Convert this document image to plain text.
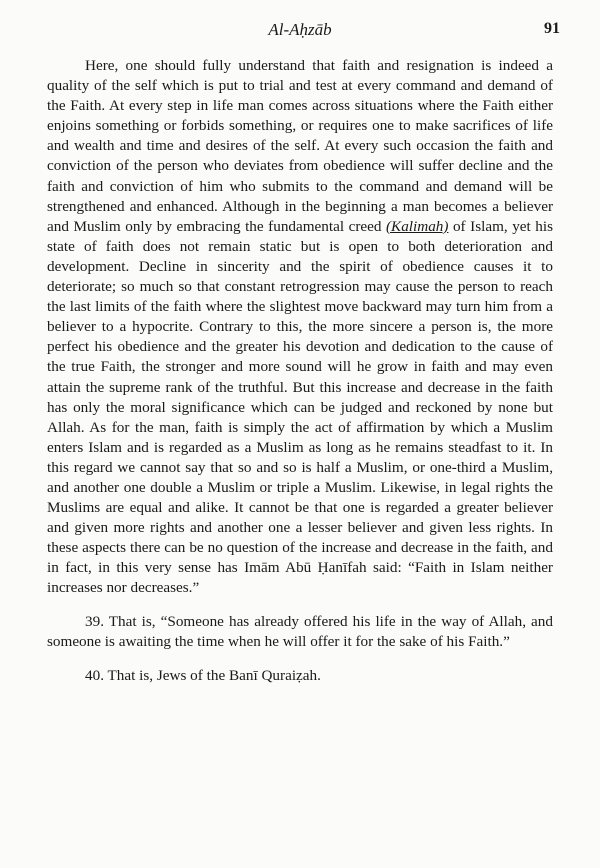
Al-Aḥzāb	91

Here, one should fully understand that faith and resignation is indeed a quality of the self which is put to trial and test at every command and demand of the Faith. At every step in life man comes across situations where the Faith either enjoins something or forbids something, or requires one to make sacrifices of life and wealth and time and desires of the self. At every such occasion the faith and conviction of the person who deviates from obedience will suffer decline and the faith and conviction of him who submits to the command and demand will be strengthened and enhanced. Although in the beginning a man becomes a believer and Muslim only by embracing the fundamental creed (Kalimah) of Islam, yet his state of faith does not remain static but is open to both deterioration and development. Decline in sincerity and the spirit of obedience causes it to deteriorate; so much so that constant retrogression may cause the person to reach the last limits of the faith where the slightest move backward may turn him from a believer to a hypocrite. Contrary to this, the more sincere a person is, the more perfect his obedience and the greater his devotion and dedication to the cause of the true Faith, the stronger and more sound will he grow in faith and may even attain the supreme rank of the truthful. But this increase and decrease in the faith has only the moral significance which can be judged and reckoned by none but Allah. As for the man, faith is simply the act of affirmation by which a Muslim enters Islam and is regarded as a Muslim as long as he remains steadfast to it. In this regard we cannot say that so and so is half a Muslim, or one-third a Muslim, and another one double a Muslim or triple a Muslim. Likewise, in legal rights the Muslims are equal and alike. It cannot be that one is regarded a greater believer and given more rights and another one a lesser believer and given less rights. In these aspects there can be no question of the increase and decrease in the faith, and in fact, in this very sense has Imām Abū Ḥanīfah said: “Faith in Islam neither increases nor decreases.”

39. That is, “Someone has already offered his life in the way of Allah, and someone is awaiting the time when he will offer it for the sake of his Faith.”

40. That is, Jews of the Banī Quraiẓah.
